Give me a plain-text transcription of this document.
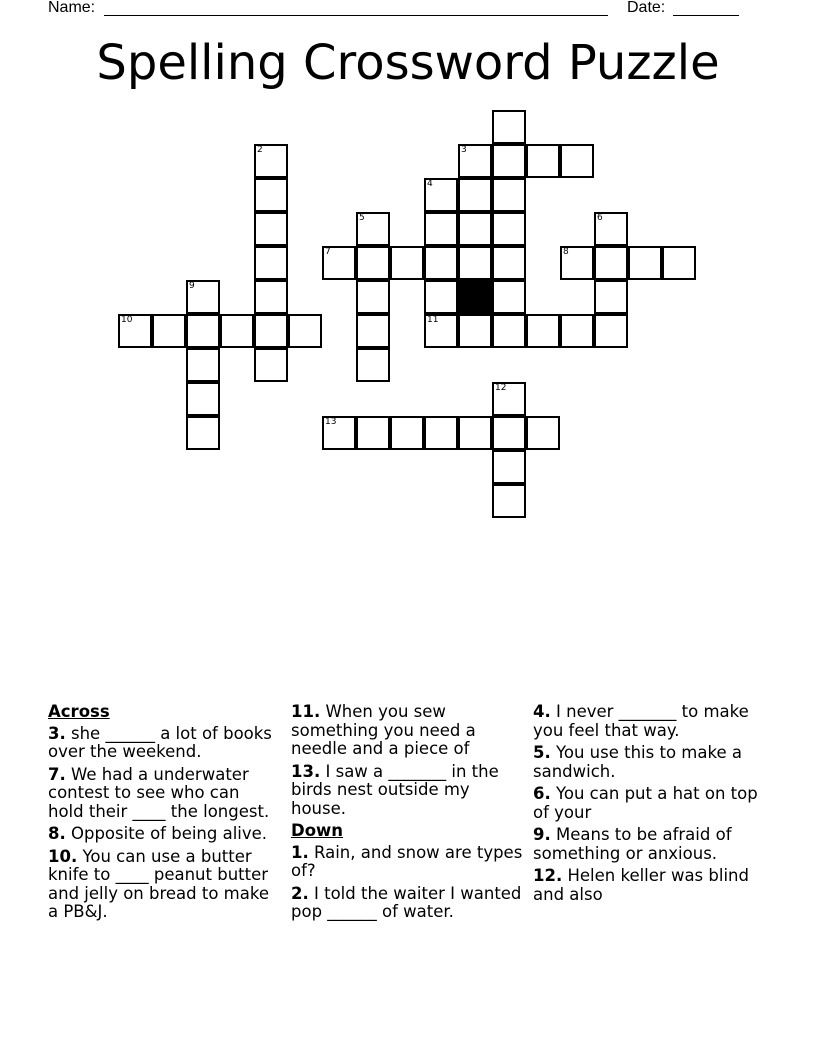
Name:	Date:
Spelling Crossword Puzzle
2	3
4
5	6
7	8
9
10	11
12
13
Across
3. she ______ a lot of books over the weekend.
7. We had a underwater contest to see who can hold their ____ the longest.
8. Opposite of being alive.
10. You can use a butter knife to ____ peanut butter and jelly on bread to make a PB&J.
11. When you sew something you need a needle and a piece of
13. I saw a _______ in the birds nest outside my house.
Down
1. Rain, and snow are types of?
2. I told the waiter I wanted pop ______ of water.
4. I never _______ to make you feel that way.
5. You use this to make a sandwich.
6. You can put a hat on top of your
9. Means to be afraid of something or anxious.
12. Helen keller was blind and also
